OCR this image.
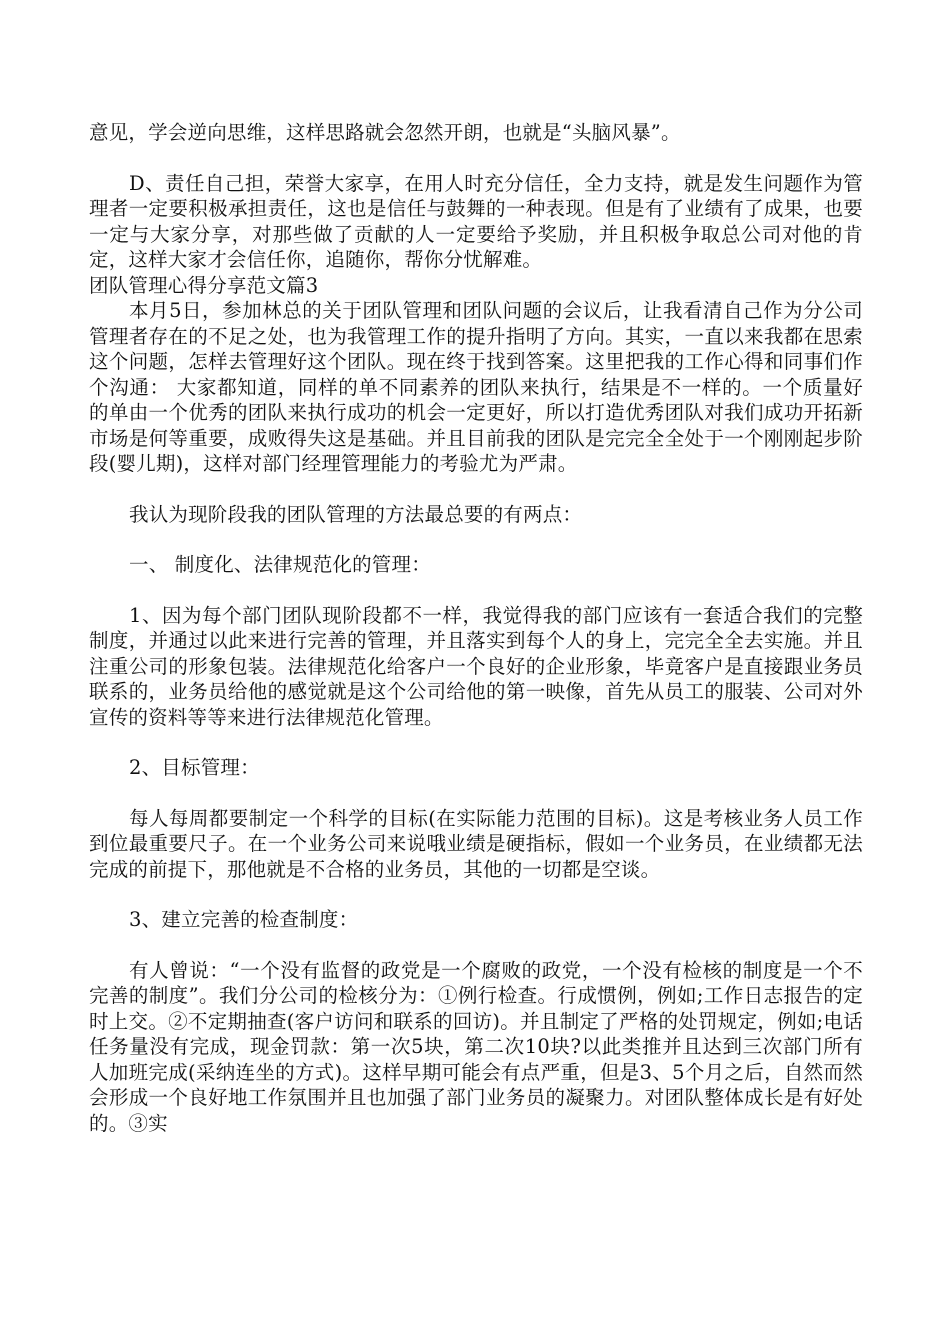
意见，学会逆向思维，这样思路就会忽然开朗，也就是“头脑风暴”。

D、责任自己担，荣誉大家享，在用人时充分信任，全力支持，就是发生问题作为管理者一定要积极承担责任，这也是信任与鼓舞的一种表现。但是有了业绩有了成果，也要一定与大家分享，对那些做了贡献的人一定要给予奖励，并且积极争取总公司对他的肯定，这样大家才会信任你，追随你，帮你分忧解难。

团队管理心得分享范文篇3

本月5日，参加林总的关于团队管理和团队问题的会议后，让我看清自己作为分公司管理者存在的不足之处，也为我管理工作的提升指明了方向。其实，一直以来我都在思索这个问题，怎样去管理好这个团队。现在终于找到答案。这里把我的工作心得和同事们作个沟通： 大家都知道，同样的单不同素养的团队来执行，结果是不一样的。一个质量好的单由一个优秀的团队来执行成功的机会一定更好，所以打造优秀团队对我们成功开拓新市场是何等重要，成败得失这是基础。并且目前我的团队是完完全全处于一个刚刚起步阶段(婴儿期)，这样对部门经理管理能力的考验尤为严肃。

我认为现阶段我的团队管理的方法最总要的有两点：

一、 制度化、法律规范化的管理：

1、因为每个部门团队现阶段都不一样，我觉得我的部门应该有一套适合我们的完整制度，并通过以此来进行完善的管理，并且落实到每个人的身上，完完全全去实施。并且注重公司的形象包装。法律规范化给客户一个良好的企业形象，毕竟客户是直接跟业务员联系的，业务员给他的感觉就是这个公司给他的第一映像，首先从员工的服装、公司对外宣传的资料等等来进行法律规范化管理。

2、目标管理：

每人每周都要制定一个科学的目标(在实际能力范围的目标)。这是考核业务人员工作到位最重要尺子。在一个业务公司来说哦业绩是硬指标，假如一个业务员，在业绩都无法完成的前提下，那他就是不合格的业务员，其他的一切都是空谈。

3、建立完善的检查制度：

有人曾说：“一个没有监督的政党是一个腐败的政党，一个没有检核的制度是一个不完善的制度”。我们分公司的检核分为：①例行检查。行成惯例，例如;工作日志报告的定时上交。②不定期抽查(客户访问和联系的回访)。并且制定了严格的处罚规定，例如;电话任务量没有完成，现金罚款：第一次5块，第二次10块?以此类推并且达到三次部门所有人加班完成(采纳连坐的方式)。这样早期可能会有点严重，但是3、5个月之后，自然而然会形成一个良好地工作氛围并且也加强了部门业务员的凝聚力。对团队整体成长是有好处的。③实
